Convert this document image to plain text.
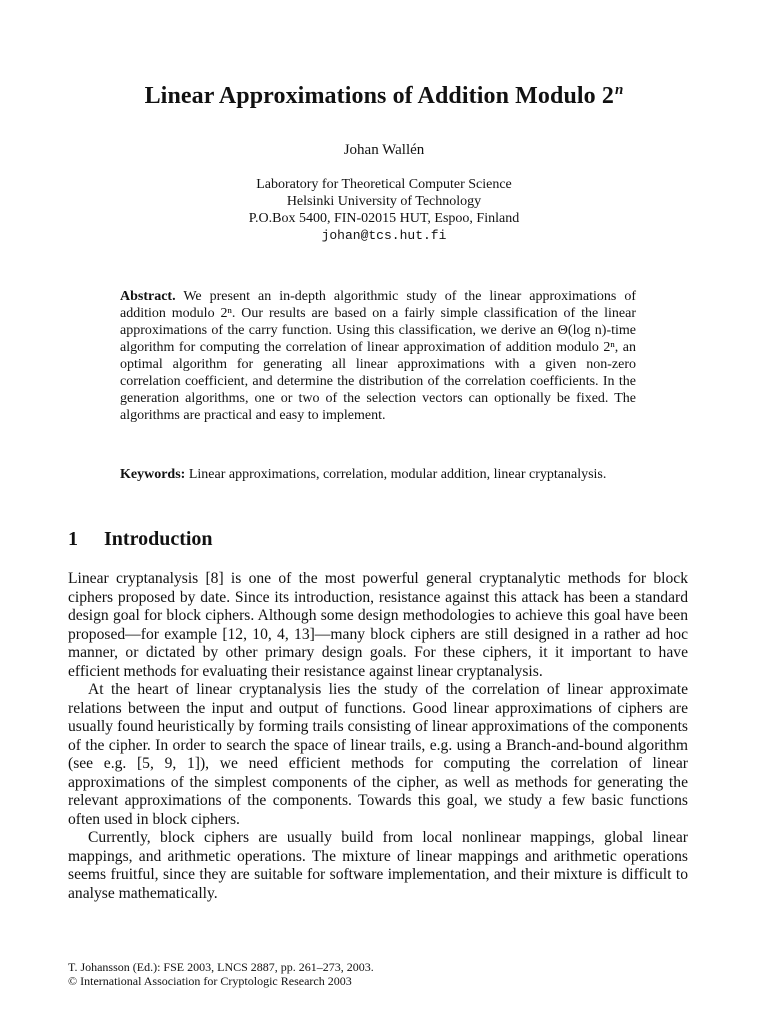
Linear Approximations of Addition Modulo 2$^n$
Johan Wallén
Laboratory for Theoretical Computer Science
Helsinki University of Technology
P.O.Box 5400, FIN-02015 HUT, Espoo, Finland
johan@tcs.hut.fi
Abstract. We present an in-depth algorithmic study of the linear approximations of addition modulo 2ⁿ. Our results are based on a fairly simple classification of the linear approximations of the carry function. Using this classification, we derive an Θ(log n)-time algorithm for computing the correlation of linear approximation of addition modulo 2ⁿ, an optimal algorithm for generating all linear approximations with a given non-zero correlation coefficient, and determine the distribution of the correlation coefficients. In the generation algorithms, one or two of the selection vectors can optionally be fixed. The algorithms are practical and easy to implement.
Keywords: Linear approximations, correlation, modular addition, linear cryptanalysis.
1 Introduction

Linear cryptanalysis [8] is one of the most powerful general cryptanalytic methods for block ciphers proposed by date. Since its introduction, resistance against this attack has been a standard design goal for block ciphers. Although some design methodologies to achieve this goal have been proposed—for example [12, 10, 4, 13]—many block ciphers are still designed in a rather ad hoc manner, or dictated by other primary design goals. For these ciphers, it it important to have efficient methods for evaluating their resistance against linear cryptanalysis.

At the heart of linear cryptanalysis lies the study of the correlation of linear approximate relations between the input and output of functions. Good linear approximations of ciphers are usually found heuristically by forming trails consisting of linear approximations of the components of the cipher. In order to search the space of linear trails, e.g. using a Branch-and-bound algorithm (see e.g. [5, 9, 1]), we need efficient methods for computing the correlation of linear approximations of the simplest components of the cipher, as well as methods for generating the relevant approximations of the components. Towards this goal, we study a few basic functions often used in block ciphers.

Currently, block ciphers are usually build from local nonlinear mappings, global linear mappings, and arithmetic operations. The mixture of linear mappings and arithmetic operations seems fruitful, since they are suitable for software implementation, and their mixture is difficult to analyse mathematically.

T. Johansson (Ed.): FSE 2003, LNCS 2887, pp. 261–273, 2003.
© International Association for Cryptologic Research 2003
